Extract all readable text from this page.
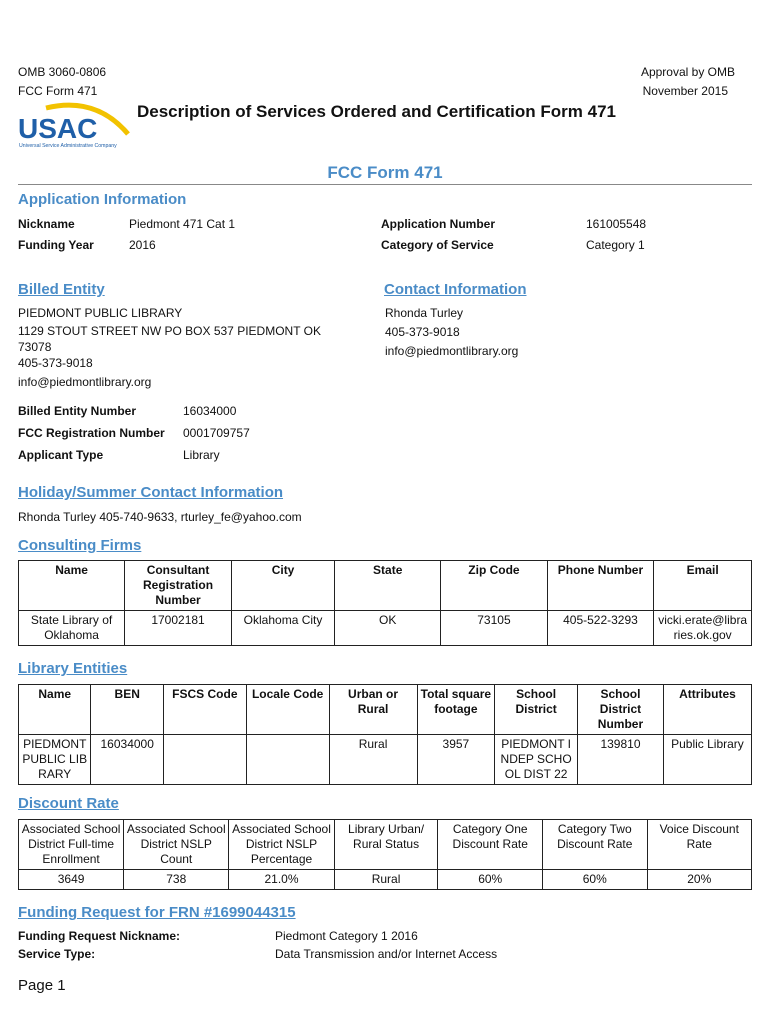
OMB 3060-0806
FCC Form 471
Approval by OMB
November 2015
USAC
Universal Service Administrative Company
Description of Services Ordered and Certification Form 471
FCC Form 471
Application Information
Nickname	Piedmont 471 Cat 1
Funding Year	2016
Application Number	161005548
Category of Service	Category 1
Billed Entity
PIEDMONT PUBLIC LIBRARY
1129 STOUT STREET NW PO BOX 537 PIEDMONT OK
73078
405-373-9018
info@piedmontlibrary.org
Billed Entity Number	16034000
FCC Registration Number 0001709757
Applicant Type	Library
Contact Information
Rhonda Turley
405-373-9018
info@piedmontlibrary.org
Holiday/Summer Contact Information
Rhonda Turley 405-740-9633, rturley_fe@yahoo.com
Consulting Firms
Name	Consultant Registration Number	City	State	Zip Code	Phone Number	Email
State Library of Oklahoma	17002181	Oklahoma City	OK	73105	405-522-3293	vicki.erate@libraries.ok.gov
Library Entities
Name	BEN	FSCS Code	Locale Code	Urban or Rural	Total square footage	School District	School District Number	Attributes
PIEDMONT PUBLIC LIBRARY	16034000			Rural	3957	PIEDMONT INDEP SCHOOL DIST 22	139810	Public Library
Discount Rate
Associated School District Full-time Enrollment	Associated School District NSLP Count	Associated School District NSLP Percentage	Library Urban/ Rural Status	Category One Discount Rate	Category Two Discount Rate	Voice Discount Rate
3649	738	21.0%	Rural	60%	60%	20%
Funding Request for FRN #1699044315
Funding Request Nickname:	Piedmont Category 1 2016
Service Type:	Data Transmission and/or Internet Access
Page 1
